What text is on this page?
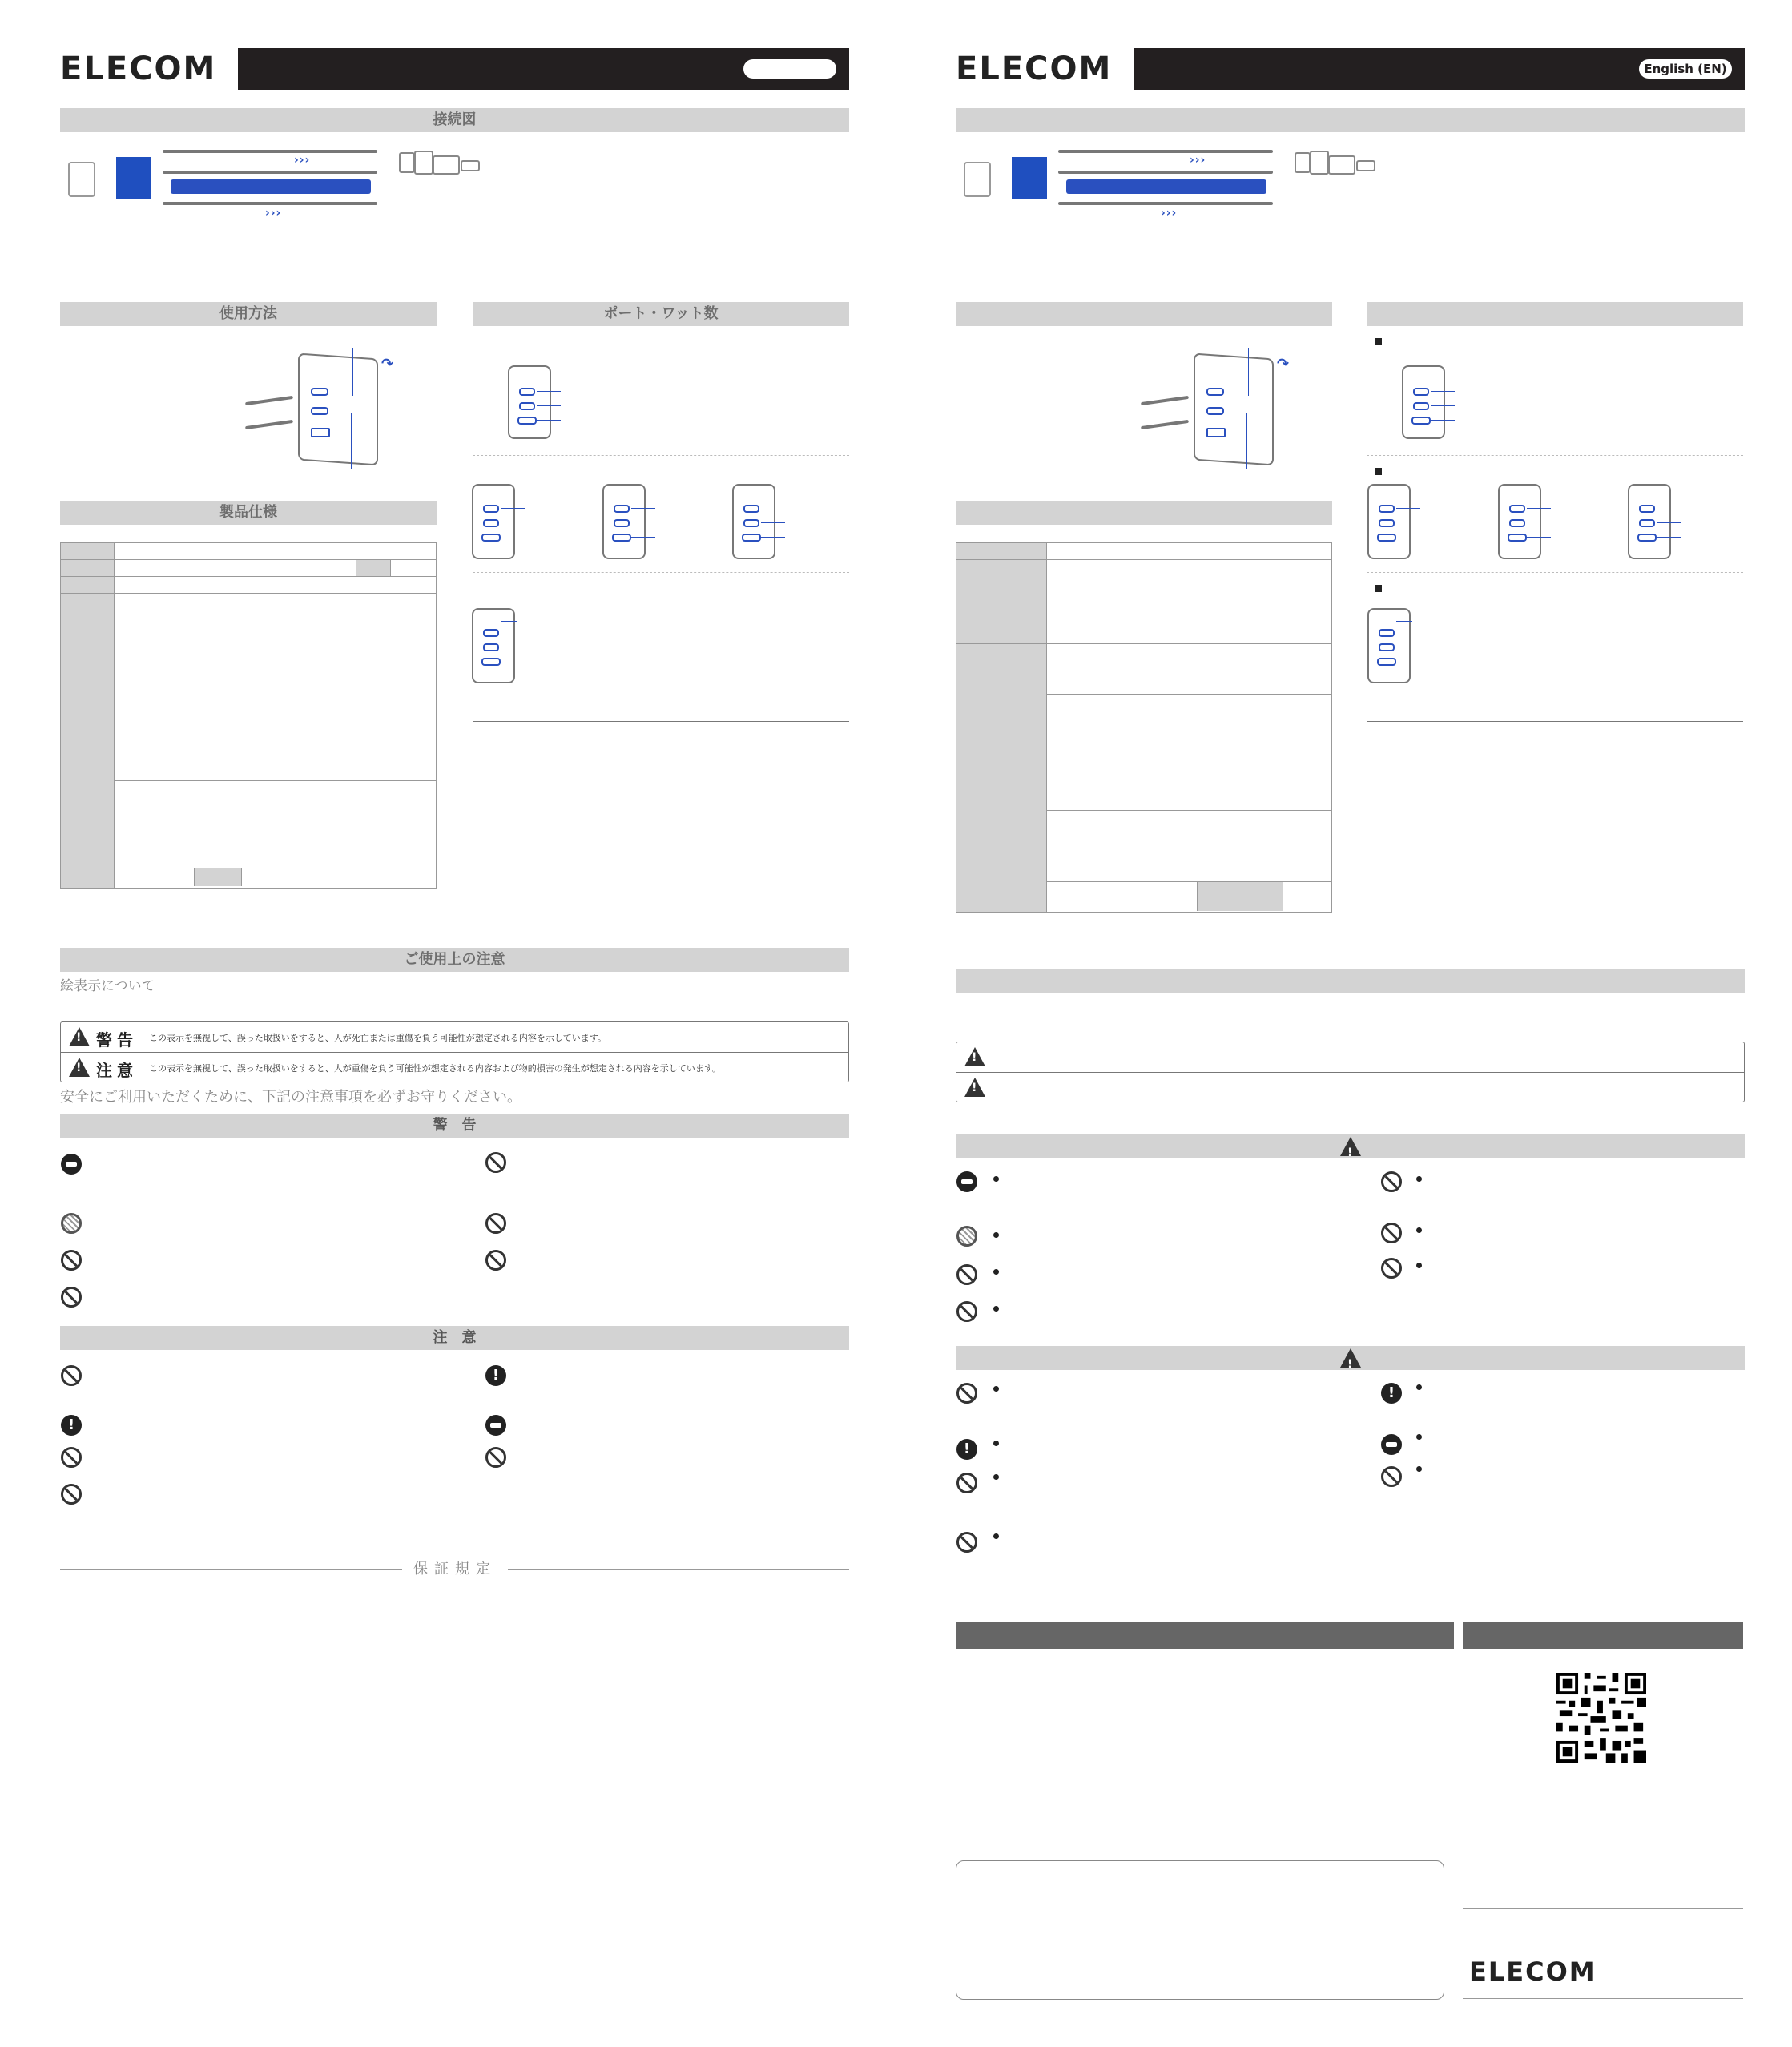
ELECOM
接続図
›››
›››
使用方法	ポート・ワット数
↷
製品仕様
ご使用上の注意
絵表示について
!
警告 この表示を無視して、誤った取扱いをすると、人が死亡または重傷を負う可能性が想定される内容を示しています。
!
注意 この表示を無視して、誤った取扱いをすると、人が重傷を負う可能性が想定される内容および物的損害の発生が想定される内容を示しています。
安全にご利用いただくために、下記の注意事項を必ずお守りください。
警　告
注　意
!
!
保証規定
ELECOM	English (EN)
›››
›››
↷
!
!
!
!
!
!
ELECOM
